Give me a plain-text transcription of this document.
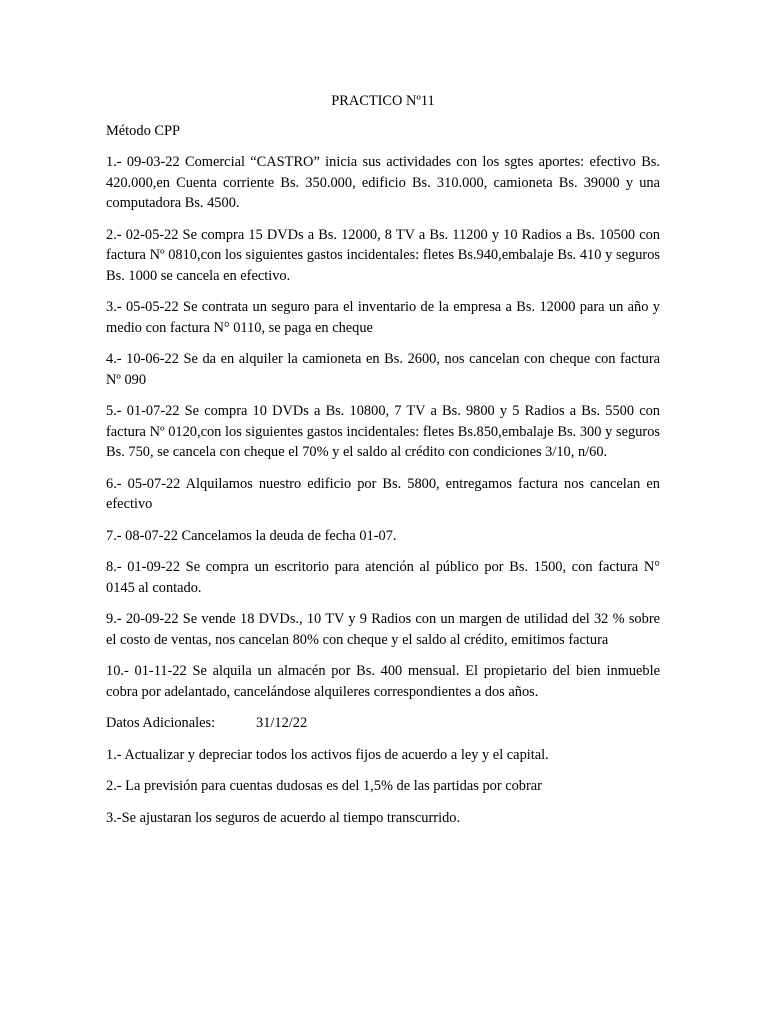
PRACTICO Nº11
Método CPP
1.- 09-03-22 Comercial “CASTRO” inicia sus actividades con los sgtes aportes: efectivo Bs. 420.000,en Cuenta corriente Bs. 350.000, edificio Bs. 310.000, camioneta Bs. 39000 y una computadora Bs. 4500.
2.- 02-05-22 Se compra 15 DVDs a Bs. 12000, 8 TV a Bs. 11200 y 10 Radios a Bs. 10500 con factura Nº 0810,con los siguientes gastos incidentales: fletes Bs.940,embalaje Bs. 410 y seguros Bs. 1000 se cancela en efectivo.
3.- 05-05-22 Se contrata un seguro para el inventario de la empresa a Bs. 12000 para un año y medio con factura N° 0110, se paga en cheque
4.- 10-06-22 Se da en alquiler la camioneta en Bs. 2600, nos cancelan con cheque con factura Nº 090
5.- 01-07-22 Se compra 10 DVDs a Bs. 10800, 7 TV a Bs. 9800 y 5 Radios a Bs. 5500 con factura Nº 0120,con los siguientes gastos incidentales: fletes Bs.850,embalaje Bs. 300 y seguros Bs. 750, se cancela con cheque el 70% y el saldo al crédito con condiciones 3/10, n/60.
6.- 05-07-22 Alquilamos nuestro edificio por Bs. 5800, entregamos factura nos cancelan en efectivo
7.- 08-07-22 Cancelamos la deuda de fecha 01-07.
8.- 01-09-22 Se compra un escritorio para atención al público por Bs. 1500, con factura N° 0145 al contado.
9.- 20-09-22 Se vende 18 DVDs., 10 TV y 9 Radios con un margen de utilidad del 32 % sobre el costo de ventas, nos cancelan 80% con cheque y el saldo al crédito, emitimos factura
10.- 01-11-22 Se alquila un almacén por Bs. 400 mensual. El propietario del bien inmueble cobra por adelantado, cancelándose alquileres correspondientes a dos años.
Datos Adicionales:	31/12/22
1.- Actualizar y depreciar todos los activos fijos de acuerdo a ley y el capital.
2.- La previsión para cuentas dudosas es del 1,5% de las partidas por cobrar
3.-Se ajustaran los seguros de acuerdo al tiempo transcurrido.
